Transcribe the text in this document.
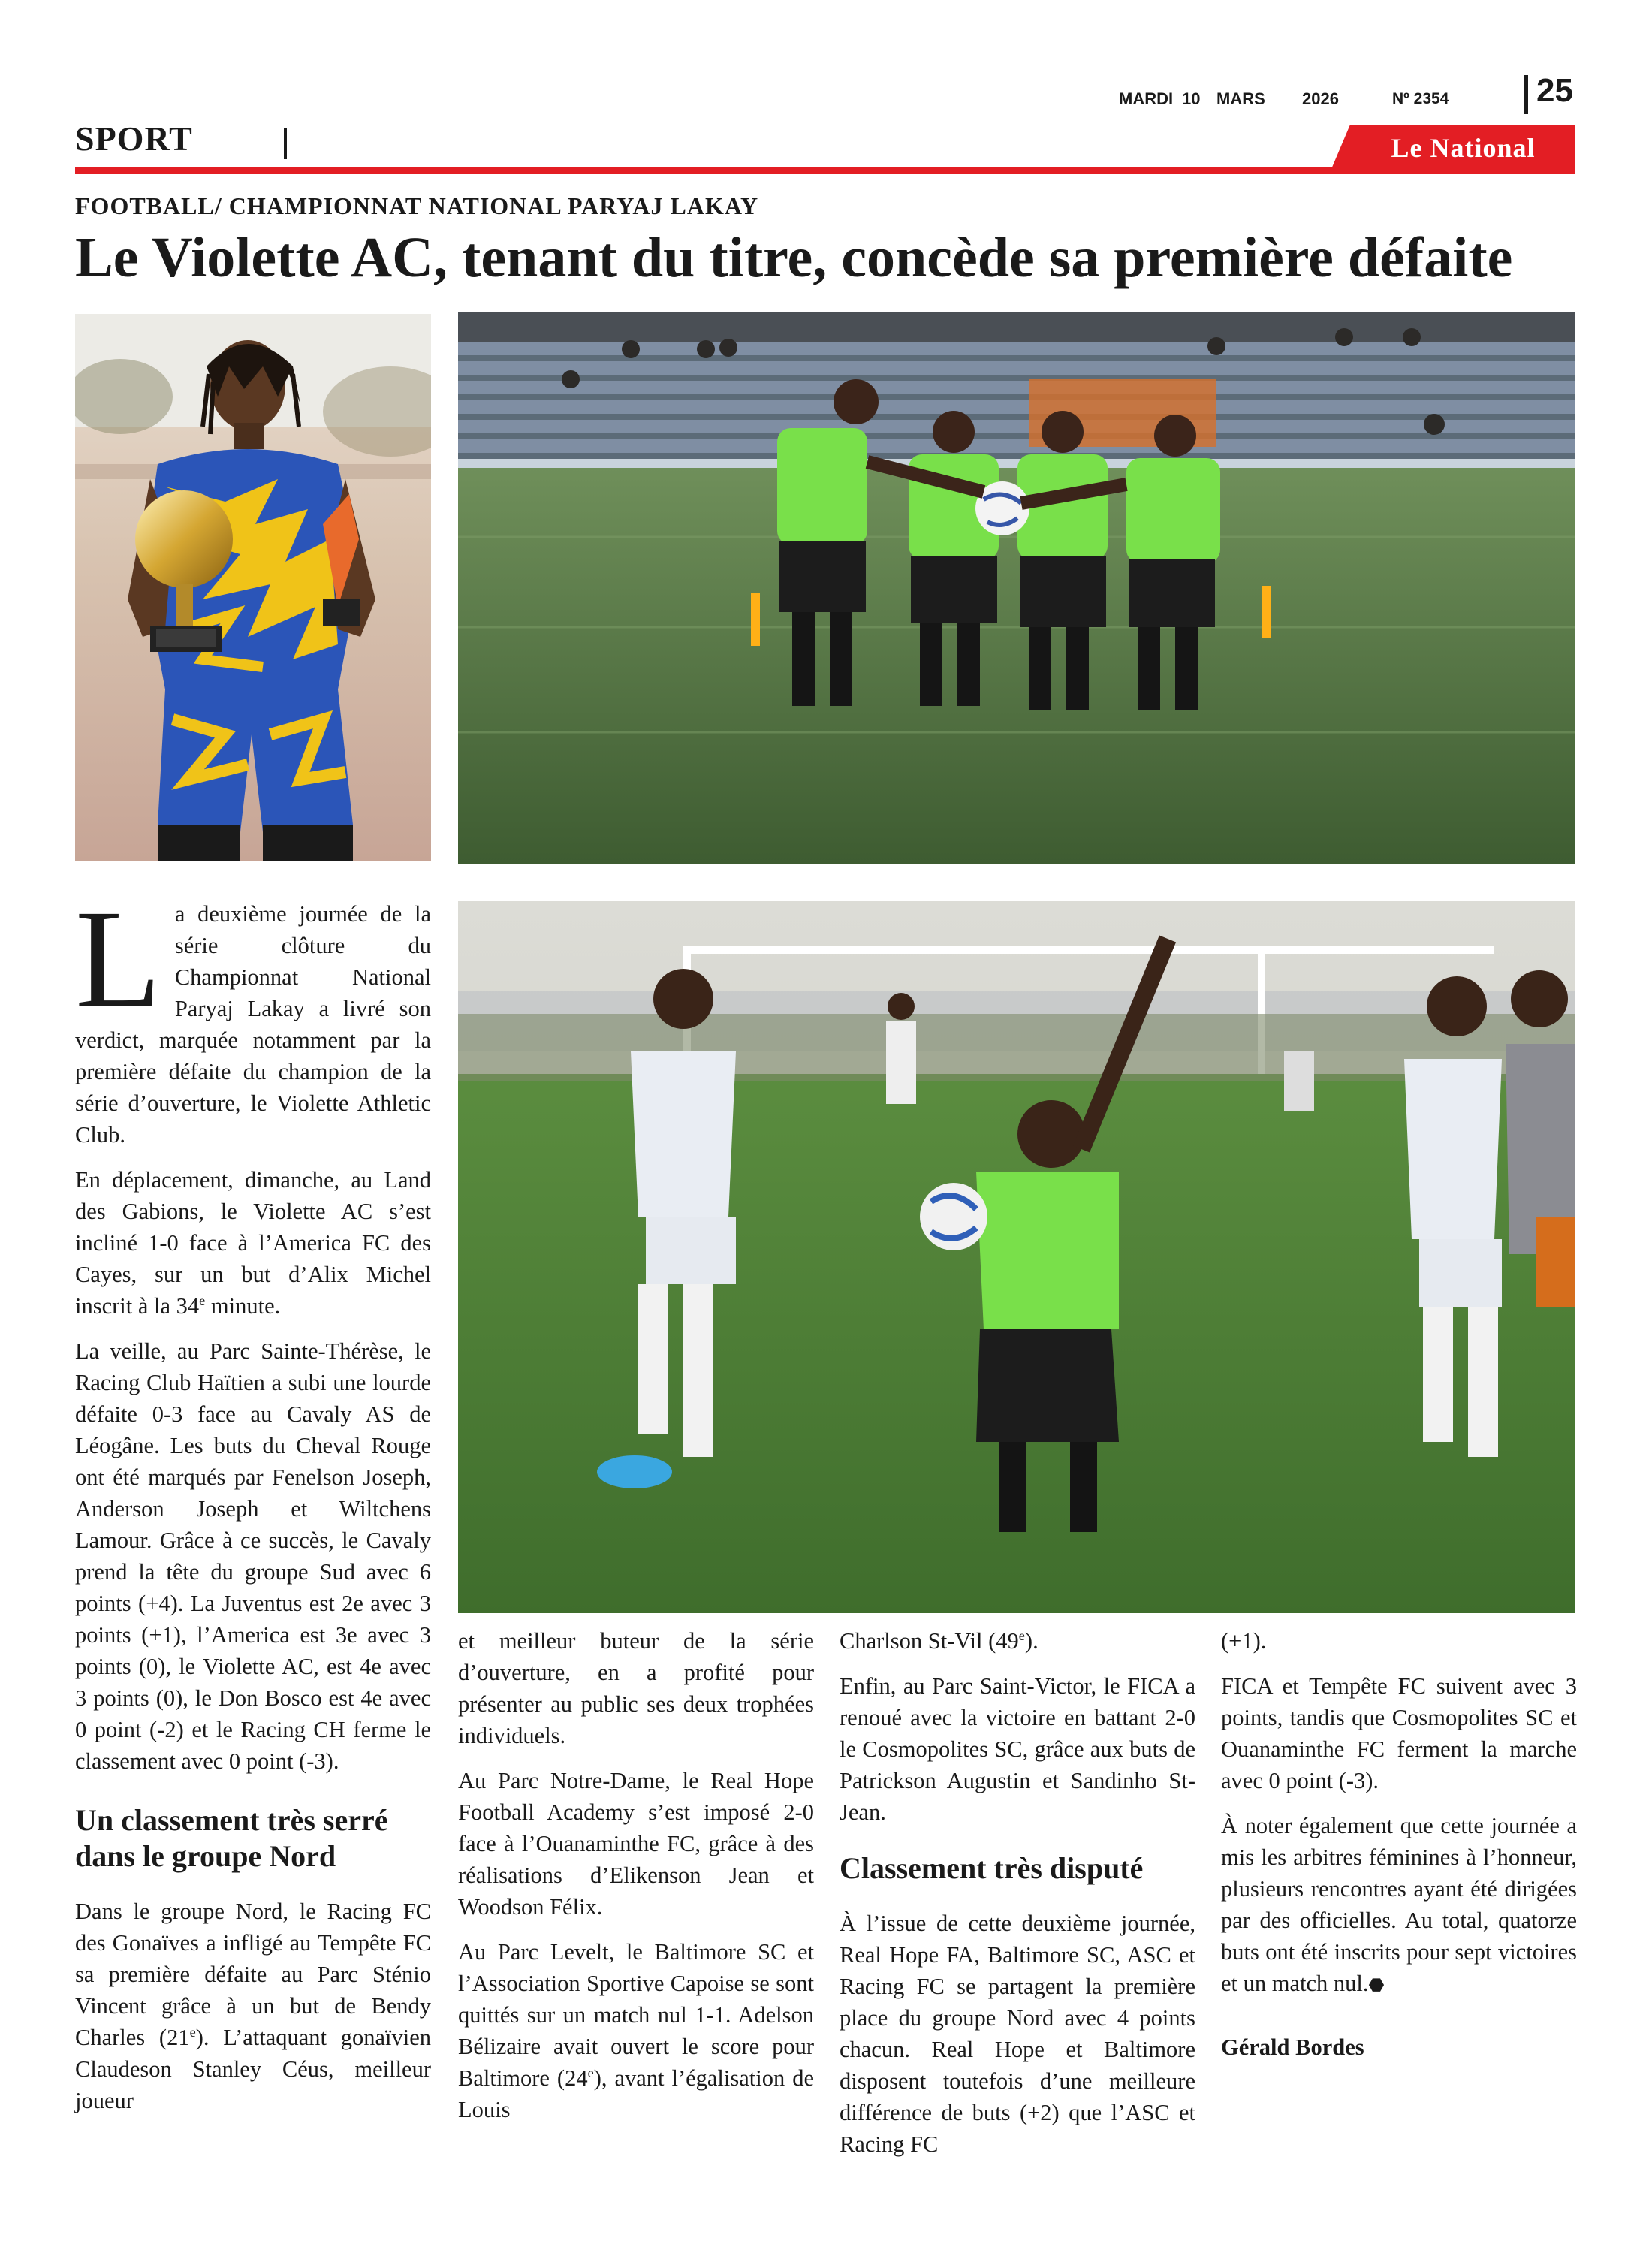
MARDI 10 MARS	2026	Nº 2354	25
SPORT	Le National
FOOTBALL/ CHAMPIONNAT NATIONAL PARYAJ LAKAY
Le Violette AC, tenant du titre, concède sa première défaite

La deuxième journée de la série clôture du Championnat National Paryaj Lakay a livré son verdict, marquée notamment par la première défaite du champion de la série d’ouverture, le Violette Athletic Club.

En déplacement, dimanche, au Land des Gabions, le Violette AC s’est incliné 1-0 face à l’America FC des Cayes, sur un but d’Alix Michel inscrit à la 34e minute.

La veille, au Parc Sainte-Thérèse, le Racing Club Haïtien a subi une lourde défaite 0-3 face au Cavaly AS de Léogâne. Les buts du Cheval Rouge ont été marqués par Fenelson Joseph, Anderson Joseph et Wiltchens Lamour. Grâce à ce succès, le Cavaly prend la tête du groupe Sud avec 6 points (+4). La Juventus est 2e avec 3 points (+1), l’America est 3e avec 3 points (0), le Violette AC, est 4e avec 3 points (0), le Don Bosco est 4e avec 0 point (-2) et le Racing CH ferme le classement avec 0 point (-3).

Un classement très serré dans le groupe Nord

Dans le groupe Nord, le Racing FC des Gonaïves a infligé au Tempête FC sa première défaite au Parc Sténio Vincent grâce à un but de Bendy Charles (21e). L’attaquant gonaïvien Claudeson Stanley Céus, meilleur joueur

et meilleur buteur de la série d’ouverture, en a profité pour présenter au public ses deux trophées individuels.

Au Parc Notre-Dame, le Real Hope Football Academy s’est imposé 2-0 face à l’Ouanaminthe FC, grâce à des réalisations d’Elikenson Jean et Woodson Félix.

Au Parc Levelt, le Baltimore SC et l’Association Sportive Capoise se sont quittés sur un match nul 1-1. Adelson Bélizaire avait ouvert le score pour Baltimore (24e), avant l’égalisation de Louis

Charlson St-Vil (49e).

Enfin, au Parc Saint-Victor, le FICA a renoué avec la victoire en battant 2-0 le Cosmopolites SC, grâce aux buts de Patrickson Augustin et Sandinho St-Jean.

Classement très disputé

À l’issue de cette deuxième journée, Real Hope FA, Baltimore SC, ASC et Racing FC se partagent la première place du groupe Nord avec 4 points chacun. Real Hope et Baltimore disposent toutefois d’une meilleure différence de buts (+2) que l’ASC et Racing FC

(+1).

FICA et Tempête FC suivent avec 3 points, tandis que Cosmopolites SC et Ouanaminthe FC ferment la marche avec 0 point (-3).

À noter également que cette journée a mis les arbitres féminines à l’honneur, plusieurs rencontres ayant été dirigées par des officielles. Au total, quatorze buts ont été inscrits pour sept victoires et un match nul.⬣

Gérald Bordes
